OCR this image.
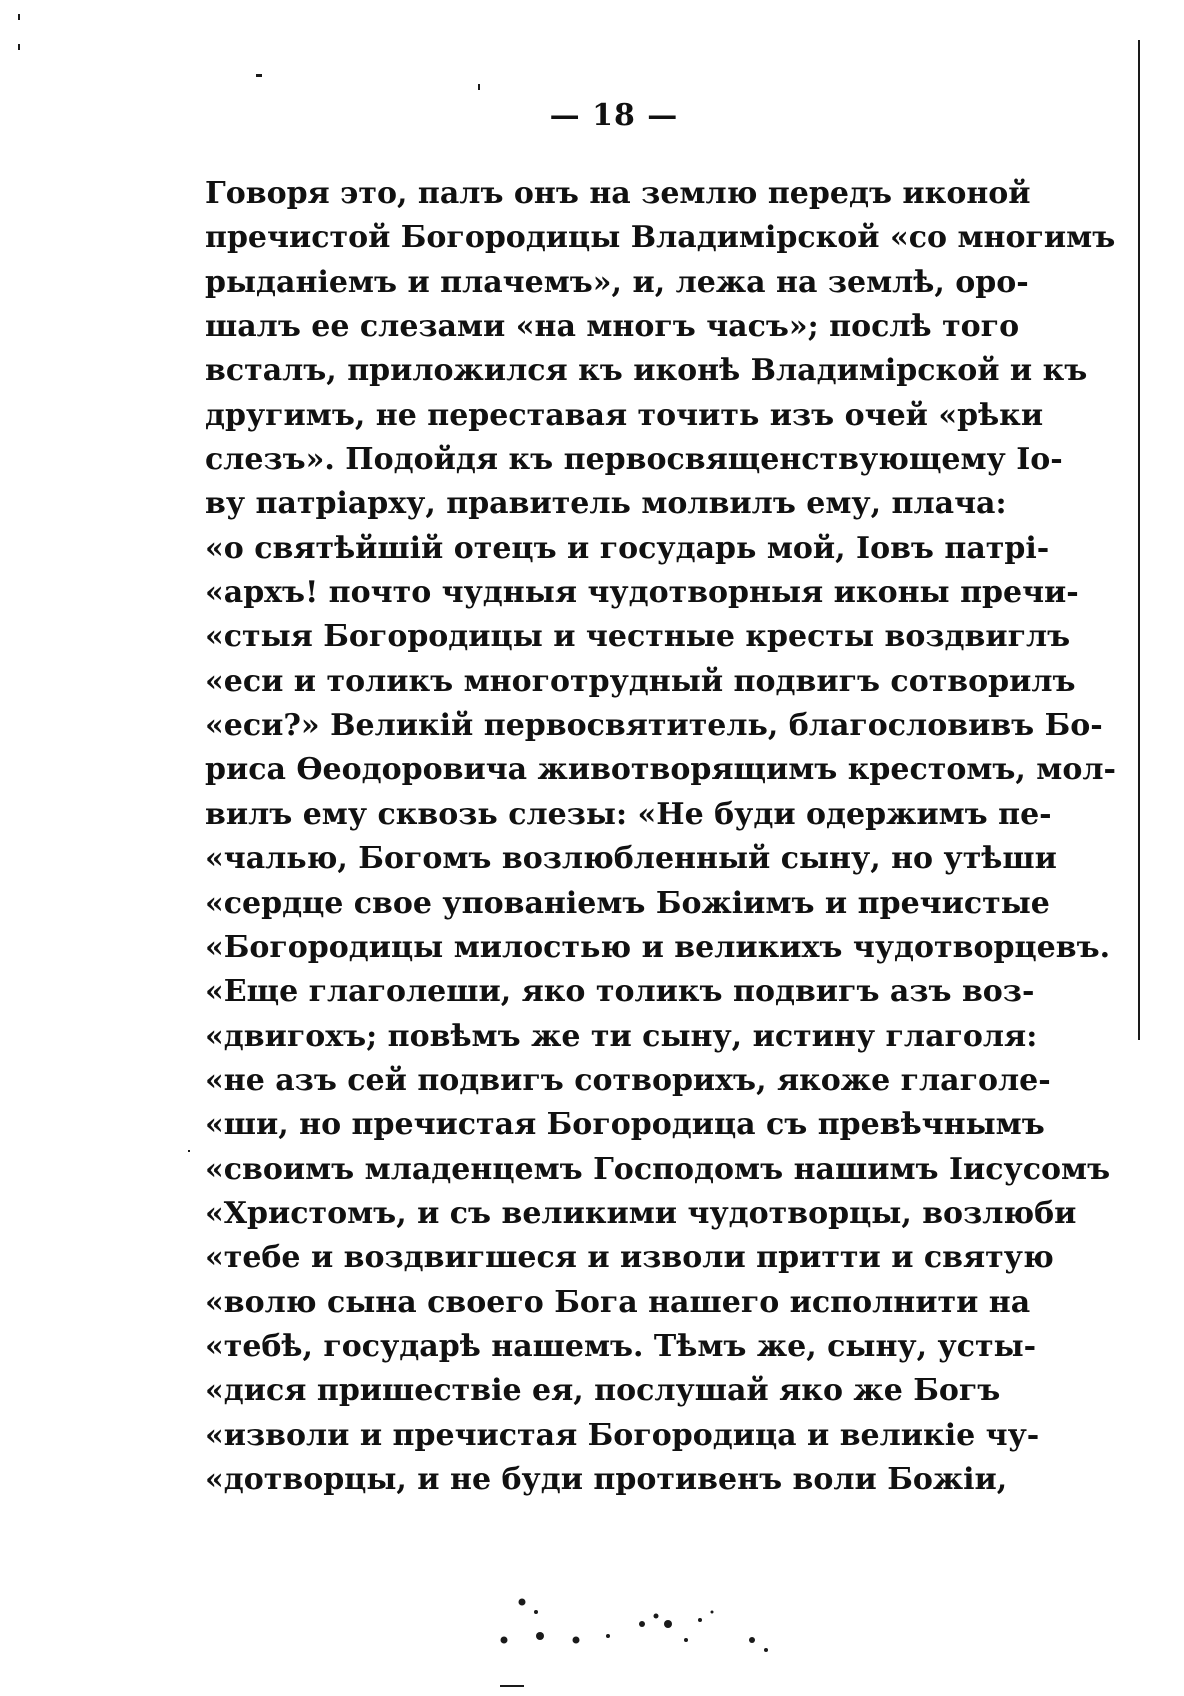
— 18 —
Говоря это, палъ онъ на землю передъ иконой
пречистой Богородицы Владимірской «со многимъ
рыданіемъ и плачемъ», и, лежа на землѣ, оро-
шалъ ее слезами «на многъ часъ»; послѣ того
всталъ, приложился къ иконѣ Владимірской и къ
другимъ, не переставая точить изъ очей «рѣки
слезъ». Подойдя къ первосвященствующему Іо-
ву патріарху, правитель молвилъ ему, плача:
«о святѣйшій отецъ и государь мой, Іовъ патрі-
«архъ! почто чудныя чудотворныя иконы пречи-
«стыя Богородицы и честные кресты воздвиглъ
«еси и толикъ многотрудный подвигъ сотворилъ
«еси?» Великій первосвятитель, благословивъ Бо-
риса Ѳеодоровича животворящимъ крестомъ, мол-
вилъ ему сквозь слезы: «Не буди одержимъ пе-
«чалью, Богомъ возлюбленный сыну, но утѣши
«сердце свое упованіемъ Божіимъ и пречистые
«Богородицы милостью и великихъ чудотворцевъ.
«Еще глаголеши, яко толикъ подвигъ азъ воз-
«двигохъ; повѣмъ же ти сыну, истину глаголя:
«не азъ сей подвигъ сотворихъ, якоже глаголе-
«ши, но пречистая Богородица съ превѣчнымъ
«своимъ младенцемъ Господомъ нашимъ Іисусомъ
«Христомъ, и съ великими чудотворцы, возлюби
«тебе и воздвигшеся и изволи притти и святую
«волю сына своего Бога нашего исполнити на
«тебѣ, государѣ нашемъ. Тѣмъ же, сыну, усты-
«дися пришествіе ея, послушай яко же Богъ
«изволи и пречистая Богородица и великіе чу-
«дотворцы, и не буди противенъ воли Божіи,
